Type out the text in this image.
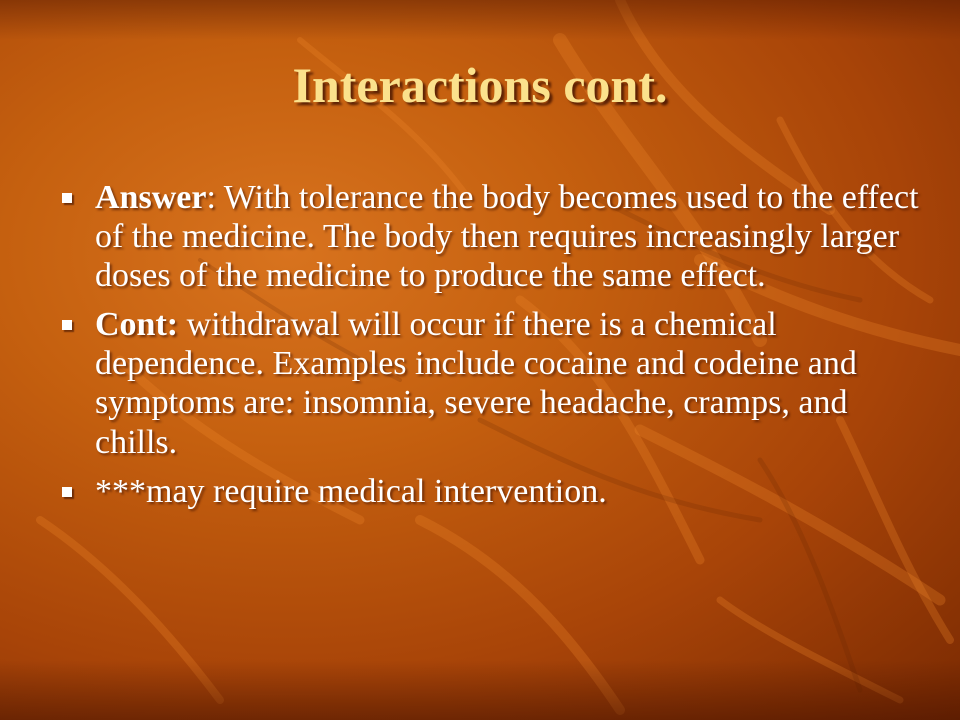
Interactions cont.
Answer: With tolerance the body becomes used to the effect of the medicine. The body then requires increasingly larger doses of the medicine to produce the same effect.
Cont: withdrawal will occur if there is a chemical dependence. Examples include cocaine and codeine and symptoms are: insomnia, severe headache, cramps, and chills.
***may require medical intervention.
